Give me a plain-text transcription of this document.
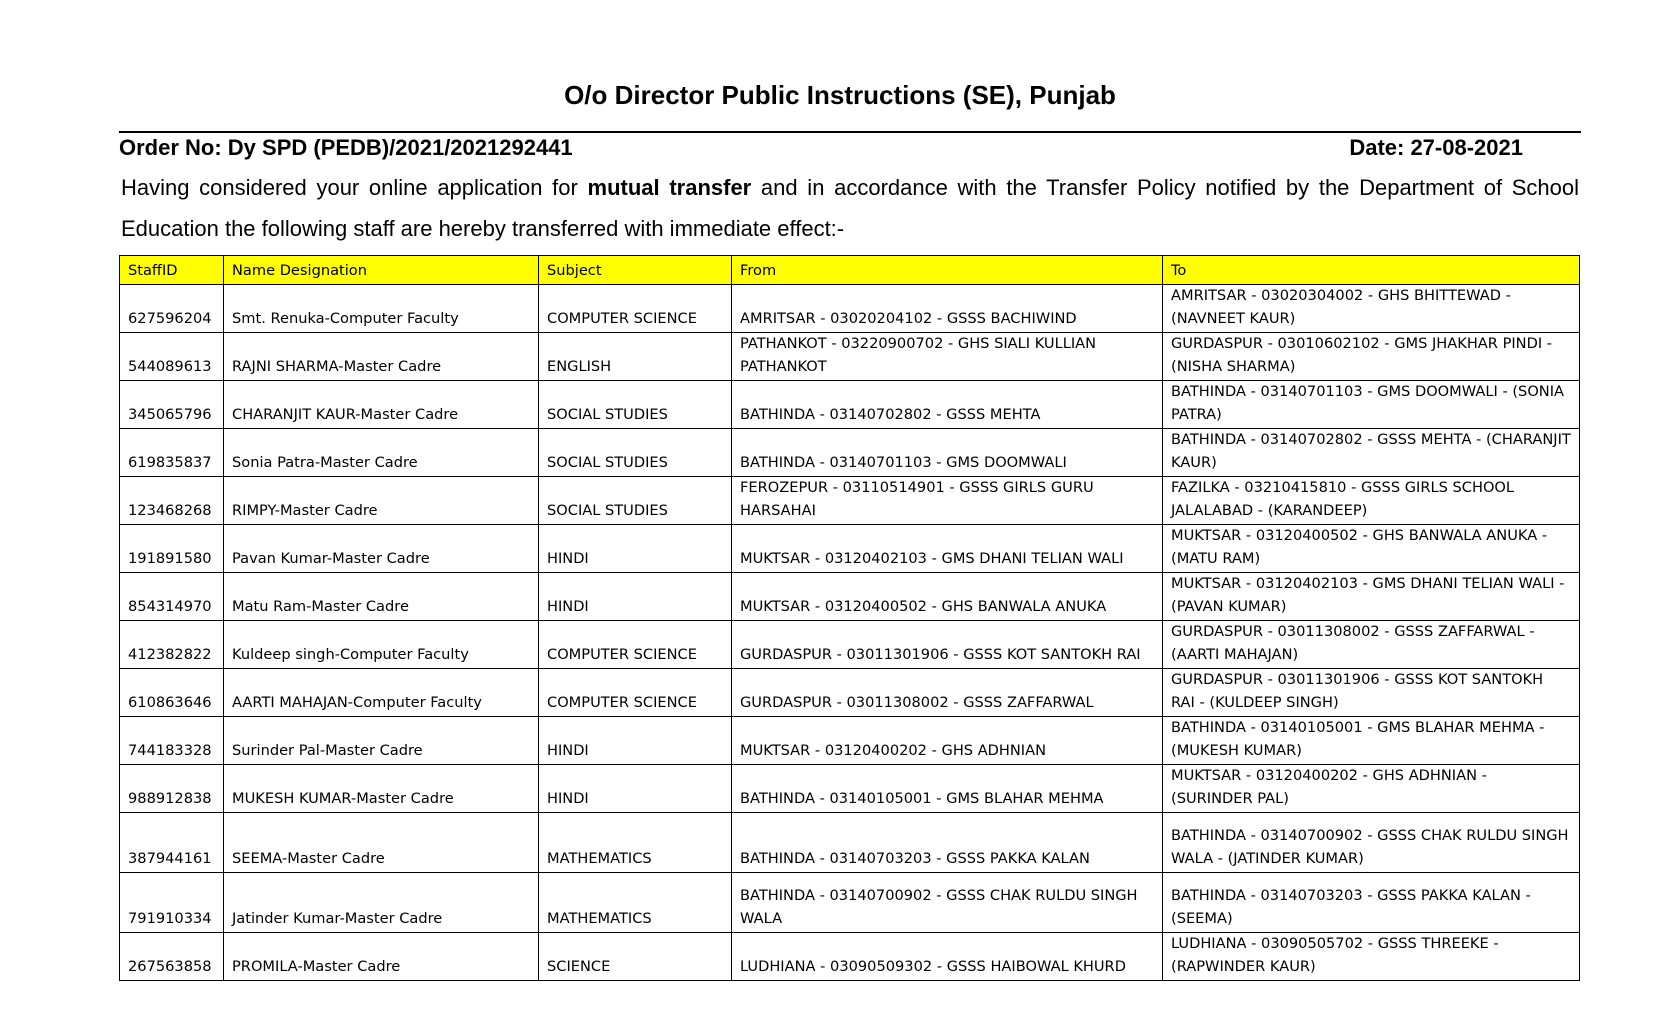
O/o Director Public Instructions (SE), Punjab
Order No: Dy SPD (PEDB)/2021/2021292441	Date: 27-08-2021
Having considered your online application for mutual transfer and in accordance with the Transfer Policy notified by the Department of School Education the following staff are hereby transferred with immediate effect:-
StaffID	Name Designation	Subject	From	To
627596204	Smt. Renuka-Computer Faculty	COMPUTER SCIENCE	AMRITSAR - 03020204102 - GSSS BACHIWIND	AMRITSAR - 03020304002 - GHS BHITTEWAD - (NAVNEET KAUR)
544089613	RAJNI SHARMA-Master Cadre	ENGLISH	PATHANKOT - 03220900702 - GHS SIALI KULLIAN PATHANKOT	GURDASPUR - 03010602102 - GMS JHAKHAR PINDI - (NISHA SHARMA)
345065796	CHARANJIT KAUR-Master Cadre	SOCIAL STUDIES	BATHINDA - 03140702802 - GSSS MEHTA	BATHINDA - 03140701103 - GMS DOOMWALI - (SONIA PATRA)
619835837	Sonia Patra-Master Cadre	SOCIAL STUDIES	BATHINDA - 03140701103 - GMS DOOMWALI	BATHINDA - 03140702802 - GSSS MEHTA - (CHARANJIT KAUR)
123468268	RIMPY-Master Cadre	SOCIAL STUDIES	FEROZEPUR - 03110514901 - GSSS GIRLS GURU HARSAHAI	FAZILKA - 03210415810 - GSSS GIRLS SCHOOL JALALABAD - (KARANDEEP)
191891580	Pavan Kumar-Master Cadre	HINDI	MUKTSAR - 03120402103 - GMS DHANI TELIAN WALI	MUKTSAR - 03120400502 - GHS BANWALA ANUKA - (MATU RAM)
854314970	Matu Ram-Master Cadre	HINDI	MUKTSAR - 03120400502 - GHS BANWALA ANUKA	MUKTSAR - 03120402103 - GMS DHANI TELIAN WALI - (PAVAN KUMAR)
412382822	Kuldeep singh-Computer Faculty	COMPUTER SCIENCE	GURDASPUR - 03011301906 - GSSS KOT SANTOKH RAI	GURDASPUR - 03011308002 - GSSS ZAFFARWAL - (AARTI MAHAJAN)
610863646	AARTI MAHAJAN-Computer Faculty	COMPUTER SCIENCE	GURDASPUR - 03011308002 - GSSS ZAFFARWAL	GURDASPUR - 03011301906 - GSSS KOT SANTOKH RAI - (KULDEEP SINGH)
744183328	Surinder Pal-Master Cadre	HINDI	MUKTSAR - 03120400202 - GHS ADHNIAN	BATHINDA - 03140105001 - GMS BLAHAR MEHMA - (MUKESH KUMAR)
988912838	MUKESH KUMAR-Master Cadre	HINDI	BATHINDA - 03140105001 - GMS BLAHAR MEHMA	MUKTSAR - 03120400202 - GHS ADHNIAN - (SURINDER PAL)
387944161	SEEMA-Master Cadre	MATHEMATICS	BATHINDA - 03140703203 - GSSS PAKKA KALAN	BATHINDA - 03140700902 - GSSS CHAK RULDU SINGH WALA - (JATINDER KUMAR)
791910334	Jatinder Kumar-Master Cadre	MATHEMATICS	BATHINDA - 03140700902 - GSSS CHAK RULDU SINGH WALA	BATHINDA - 03140703203 - GSSS PAKKA KALAN - (SEEMA)
267563858	PROMILA-Master Cadre	SCIENCE	LUDHIANA - 03090509302 - GSSS HAIBOWAL KHURD	LUDHIANA - 03090505702 - GSSS THREEKE - (RAPWINDER KAUR)
